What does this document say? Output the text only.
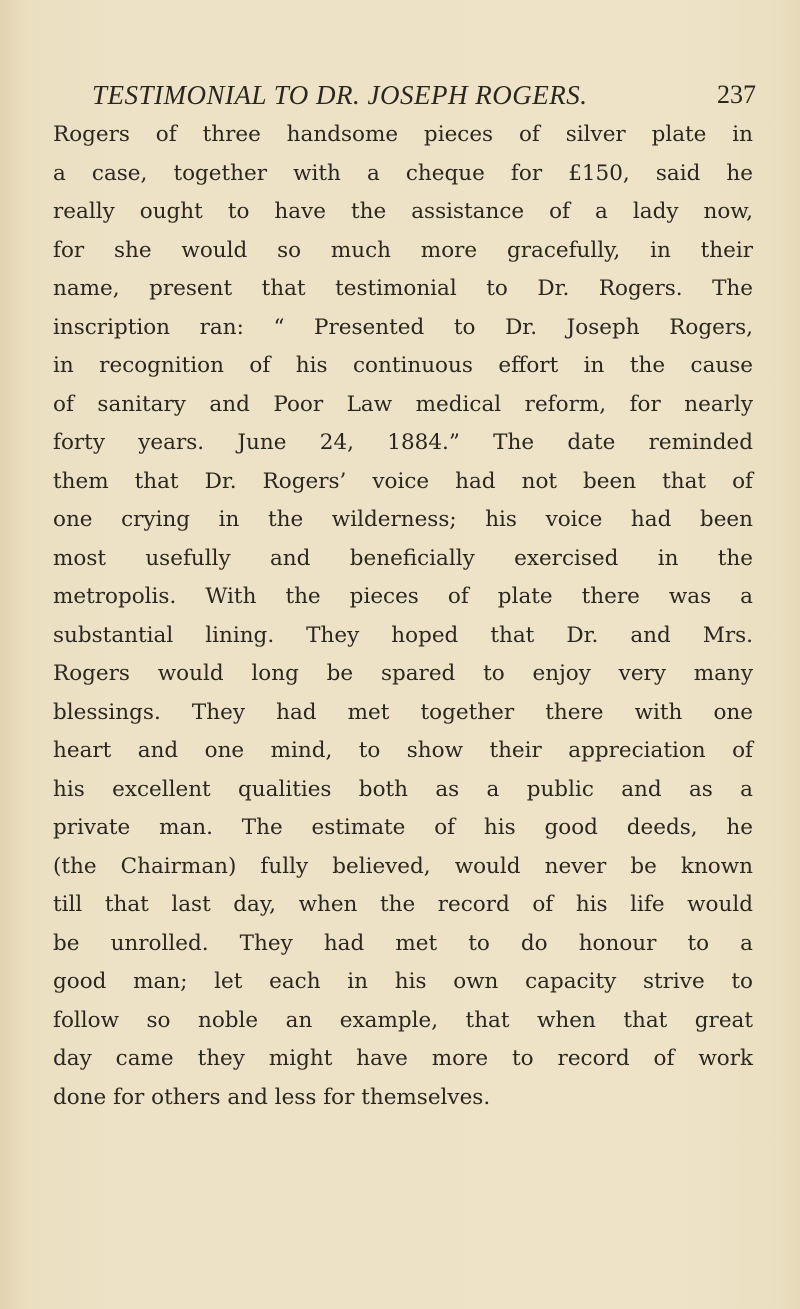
TESTIMONIAL TO DR. JOSEPH ROGERS.	237
Rogers of three handsome pieces of silver plate in
a case, together with a cheque for £150, said he
really ought to have the assistance of a lady now,
for she would so much more gracefully, in their
name, present that testimonial to Dr. Rogers. The
inscription ran: “ Presented to Dr. Joseph Rogers,
in recognition of his continuous effort in the cause
of sanitary and Poor Law medical reform, for nearly
forty years. June 24, 1884.” The date reminded
them that Dr. Rogers’ voice had not been that of
one crying in the wilderness; his voice had been
most usefully and beneficially exercised in the
metropolis. With the pieces of plate there was a
substantial lining. They hoped that Dr. and Mrs.
Rogers would long be spared to enjoy very many
blessings. They had met together there with one
heart and one mind, to show their appreciation of
his excellent qualities both as a public and as a
private man. The estimate of his good deeds, he
(the Chairman) fully believed, would never be known
till that last day, when the record of his life would
be unrolled. They had met to do honour to a
good man; let each in his own capacity strive to
follow so noble an example, that when that great
day came they might have more to record of work
done for others and less for themselves.
